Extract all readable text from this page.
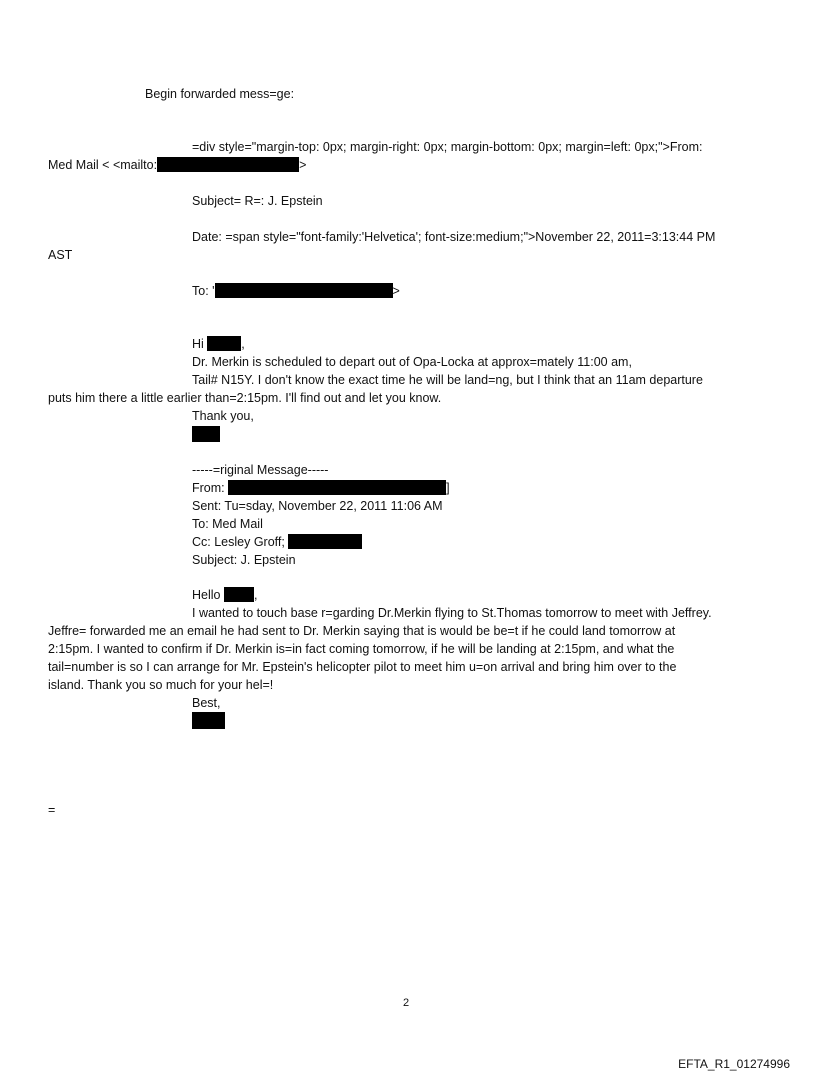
Begin forwarded mess=ge:
=div style="margin-top: 0px; margin-right: 0px; margin-bottom: 0px; margin=left: 0px;">From:
Med Mail < <mailto:	>
Subject= R=: J. Epstein
Date: =span style="font-family:'Helvetica'; font-size:medium;">November 22, 2011=3:13:44 PM
AST
To: '	>
Hi	,
Dr. Merkin is scheduled to depart out of Opa-Locka at approx=mately 11:00 am,
Tail# N15Y. I don't know the exact time he will be land=ng, but I think that an 11am departure
puts him there a little earlier than=2:15pm. I'll find out and let you know.
Thank you,
-----=riginal Message-----
From:	]
Sent: Tu=sday, November 22, 2011 11:06 AM
To: Med Mail
Cc: Lesley Groff;
Subject: J. Epstein
Hello	,
I wanted to touch base r=garding Dr.Merkin flying to St.Thomas tomorrow to meet with Jeffrey.
Jeffre= forwarded me an email he had sent to Dr. Merkin saying that is would be be=t if he could land tomorrow at
2:15pm. I wanted to confirm if Dr. Merkin is=in fact coming tomorrow, if he will be landing at 2:15pm, and what the
tail=number is so I can arrange for Mr. Epstein's helicopter pilot to meet him u=on arrival and bring him over to the
island. Thank you so much for your hel=!
Best,
=
2
EFTA_R1_01274996
